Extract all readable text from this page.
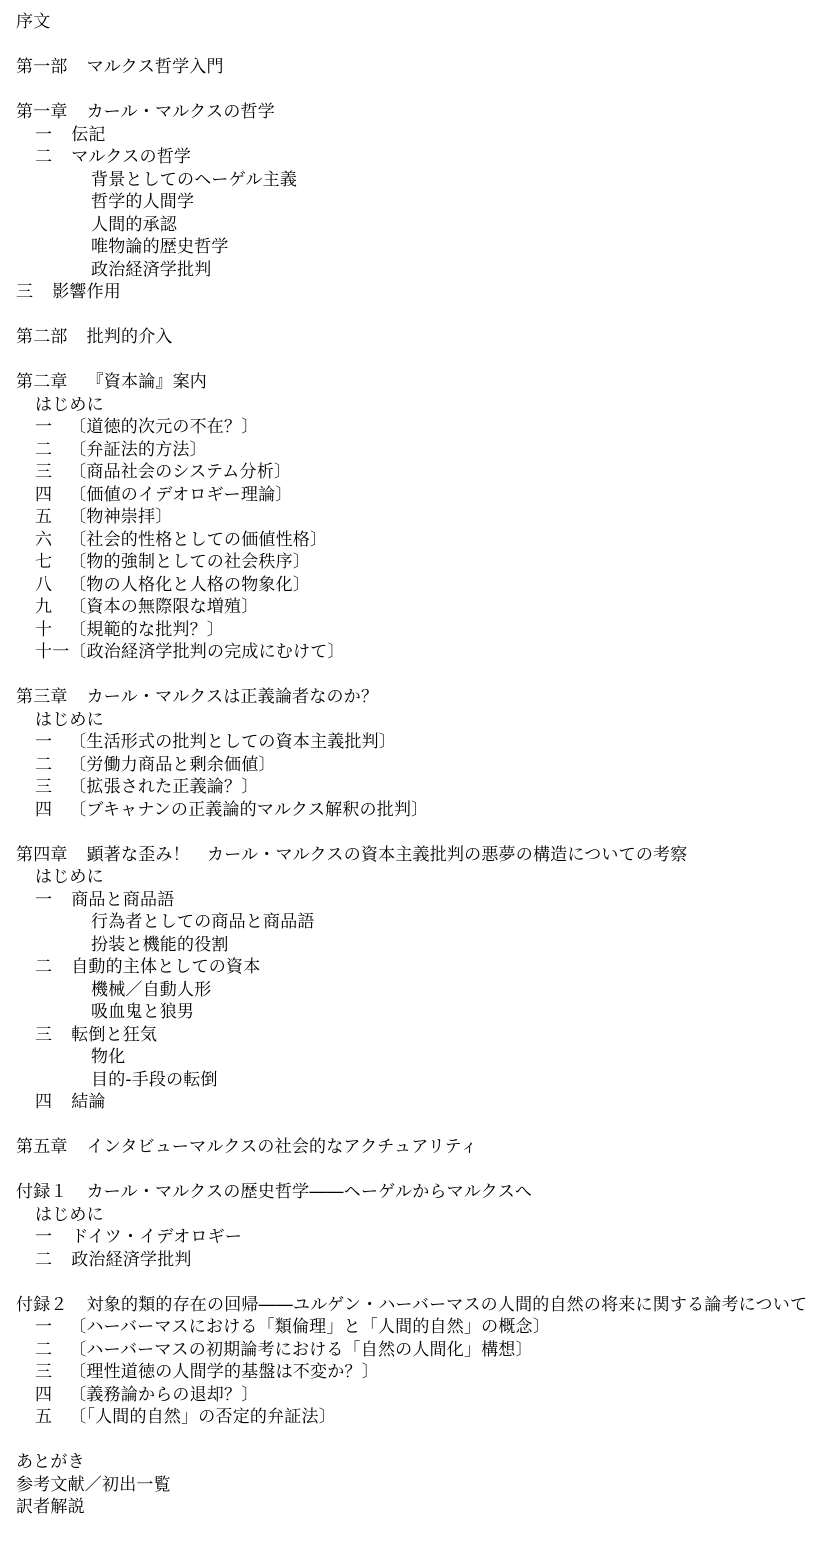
序文
第一部 マルクス哲学入門
第一章 カール・マルクスの哲学
一 伝記
二 マルクスの哲学
背景としてのヘーゲル主義
哲学的人間学
人間的承認
唯物論的歴史哲学
政治経済学批判
三 影響作用
第二部 批判的介入
第二章 『資本論』案内
はじめに
一 〔道徳的次元の不在？〕
二 〔弁証法的方法〕
三 〔商品社会のシステム分析〕
四 〔価値のイデオロギー理論〕
五 〔物神崇拝〕
六 〔社会的性格としての価値性格〕
七 〔物的強制としての社会秩序〕
八 〔物の人格化と人格の物象化〕
九 〔資本の無際限な増殖〕
十 〔規範的な批判？〕
十一〔政治経済学批判の完成にむけて〕
第三章 カール・マルクスは正義論者なのか？
はじめに
一 〔生活形式の批判としての資本主義批判〕
二 〔労働力商品と剰余価値〕
三 〔拡張された正義論？〕
四 〔ブキャナンの正義論的マルクス解釈の批判〕
第四章 顕著な歪み！　カール・マルクスの資本主義批判の悪夢の構造についての考察
はじめに
一 商品と商品語
行為者としての商品と商品語
扮装と機能的役割
二 自動的主体としての資本
機械／自動人形
吸血鬼と狼男
三 転倒と狂気
物化
目的-手段の転倒
四 結論
第五章 インタビューマルクスの社会的なアクチュアリティ
付録１ カール・マルクスの歴史哲学――ヘーゲルからマルクスへ
はじめに
一 ドイツ・イデオロギー
二 政治経済学批判
付録２ 対象的類的存在の回帰――ユルゲン・ハーバーマスの人間的自然の将来に関する論考について
一 〔ハーバーマスにおける「類倫理」と「人間的自然」の概念〕
二 〔ハーバーマスの初期論考における「自然の人間化」構想〕
三 〔理性道徳の人間学的基盤は不変か？〕
四 〔義務論からの退却？〕
五 〔「人間的自然」の否定的弁証法〕
あとがき
参考文献／初出一覧
訳者解説
